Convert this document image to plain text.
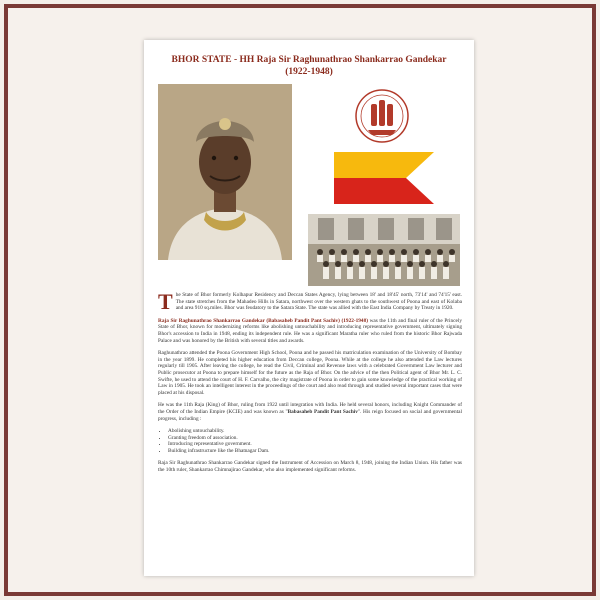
BHOR STATE - HH Raja Sir Raghunathrao Shankarrao Gandekar
(1922-1948)

The State of Bhor formerly Kolhapur Residency and Deccan States Agency, lying between 18' and 18'45' north, 73'14' and 74'15' east. The state stretches from the Mahadeo Hills in Satara, northwest over the western ghats to the southwest of Poona and east of Kolaba and area 910 sq.miles. Bhor was feudatory to the Satara State. The state was allied with the East India Company by Treaty in 1920.

Raja Sir Raghunathrao Shankarrao Gandekar (Babasaheb Pandit Pant Sachiv) (1922-1948) was the 11th and final ruler of the Princely State of Bhor, known for modernizing reforms like abolishing untouchability and introducing representative government, ultimately signing Bhor's accession to India in 1948, ending its independent rule. He was a significant Maratha ruler who ruled from the historic Bhor Rajwada Palace and was honored by the British with several titles and awards.

Raghunathrao attended the Poona Government High School, Poona and he passed his matriculation examination of the University of Bombay in the year 1899. He completed his higher education from Deccan college, Poona. While at the college he also attended the Law lectures regularly till 1905. After leaving the college, he read the Civil, Criminal and Revenue laws with a celebrated Government Law lecturer and Public prosecutor at Poona to prepare himself for the future as the Raja of Bhor. On the advice of the then Political agent of Bhor Mr. L. C. Swifte, he used to attend the court of H. F. Carvalho, the city magistrate of Poona in order to gain some knowledge of the practical working of Law in 1905. He took an intelligent interest in the proceedings of the court and also read through and studied several important cases that were placed at his disposal.

He was the 11th Raja (King) of Bhor, ruling from 1922 until integration with India. He held several honors, including Knight Commander of the Order of the Indian Empire (KCIE) and was known as "Babasaheb Pandit Pant Sachiv". His reign focused on social and governmental progress, including :

• Abolishing untouchability.
• Granting freedom of association.
• Introducing representative government.
• Building infrastructure like the Bhatnagar Dam.

Raja Sir Raghunathrao Shankarrao Gandekar signed the Instrument of Accession on March 8, 1948, joining the Indian Union. His father was the 10th ruler, Shankarrao Chimnajirao Gandekar, who also implemented significant reforms.
